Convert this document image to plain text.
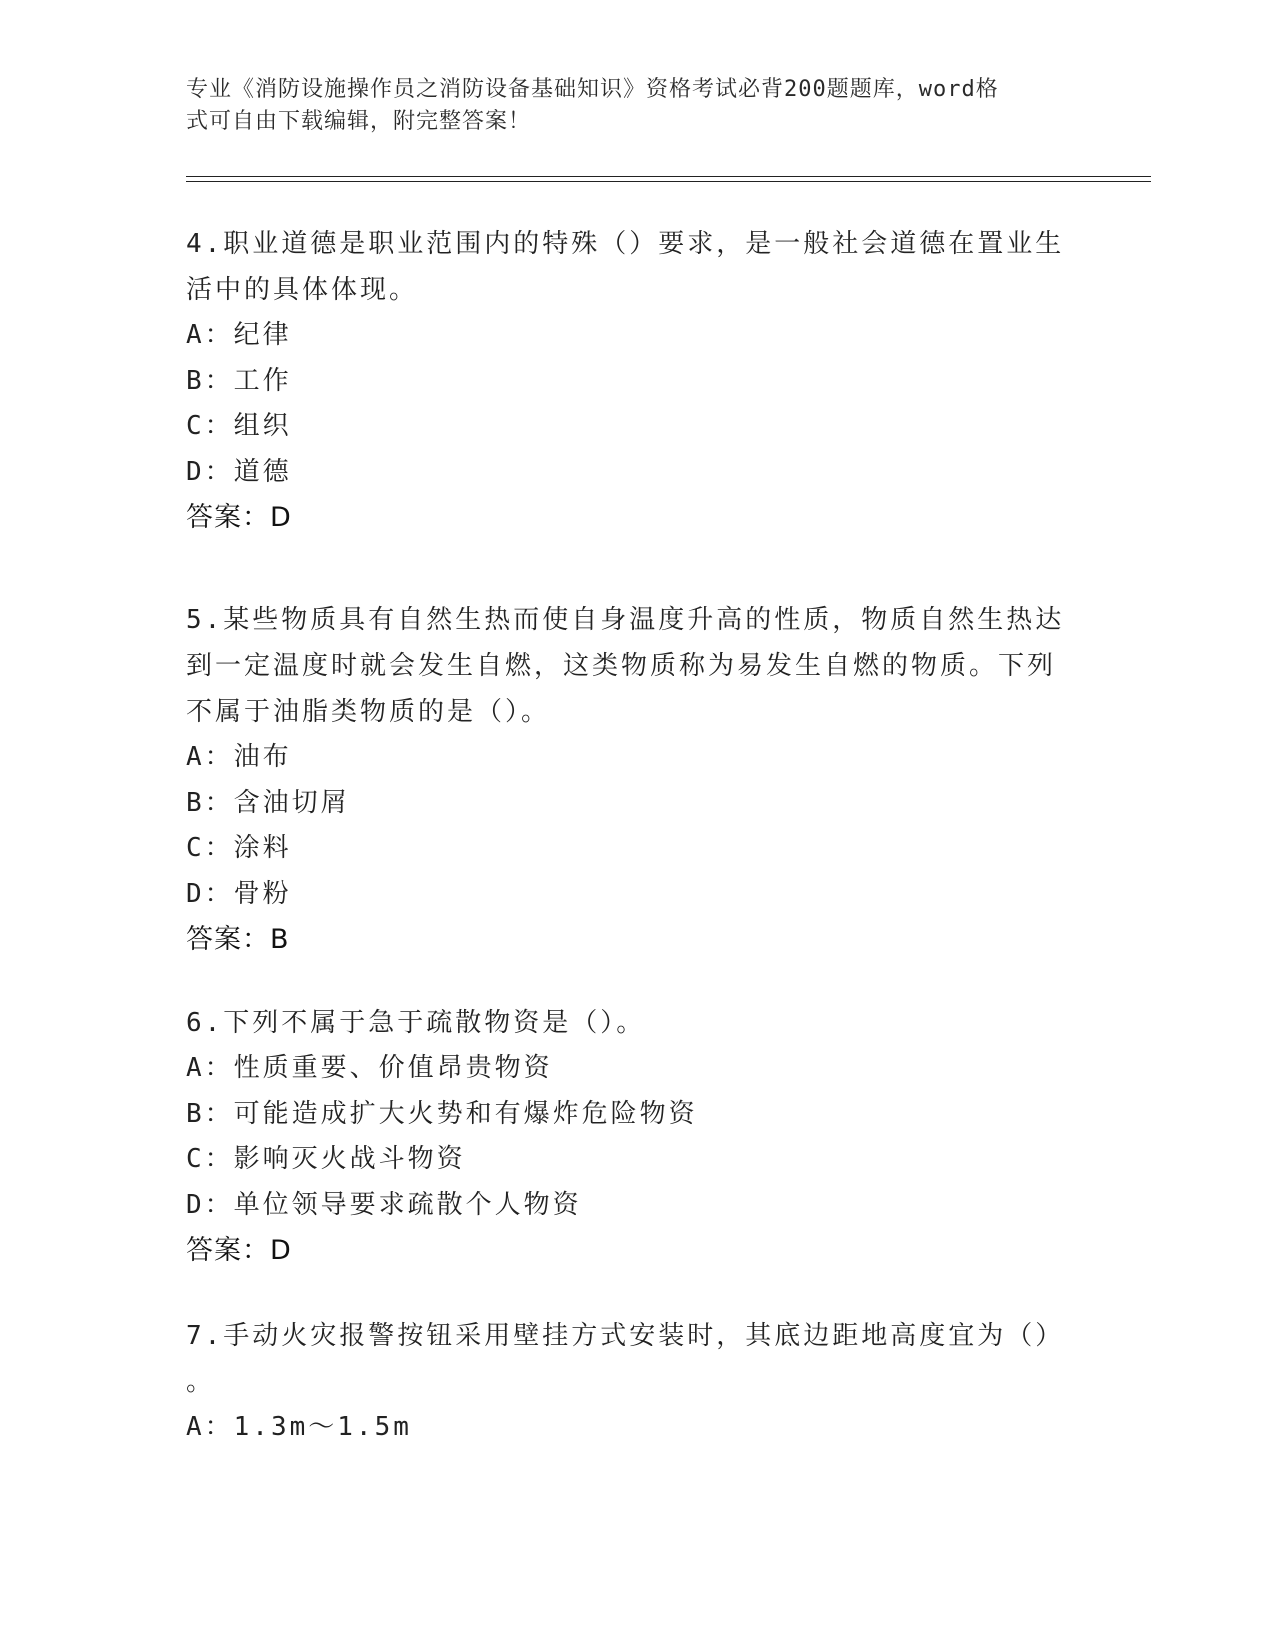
专业《消防设施操作员之消防设备基础知识》资格考试必背200题题库，word格
式可自由下载编辑，附完整答案！
4.职业道德是职业范围内的特殊（）要求，是一般社会道德在置业生
活中的具体体现。
A：纪律
B：工作
C：组织
D：道德
答案：D
5.某些物质具有自然生热而使自身温度升高的性质，物质自然生热达
到一定温度时就会发生自燃，这类物质称为易发生自燃的物质。下列
不属于油脂类物质的是（）。
A：油布
B：含油切屑
C：涂料
D：骨粉
答案：B
6.下列不属于急于疏散物资是（）。
A：性质重要、价值昂贵物资
B：可能造成扩大火势和有爆炸危险物资
C：影响灭火战斗物资
D：单位领导要求疏散个人物资
答案：D
7.手动火灾报警按钮采用壁挂方式安装时，其底边距地高度宜为（）
。
A：1.3m～1.5m
